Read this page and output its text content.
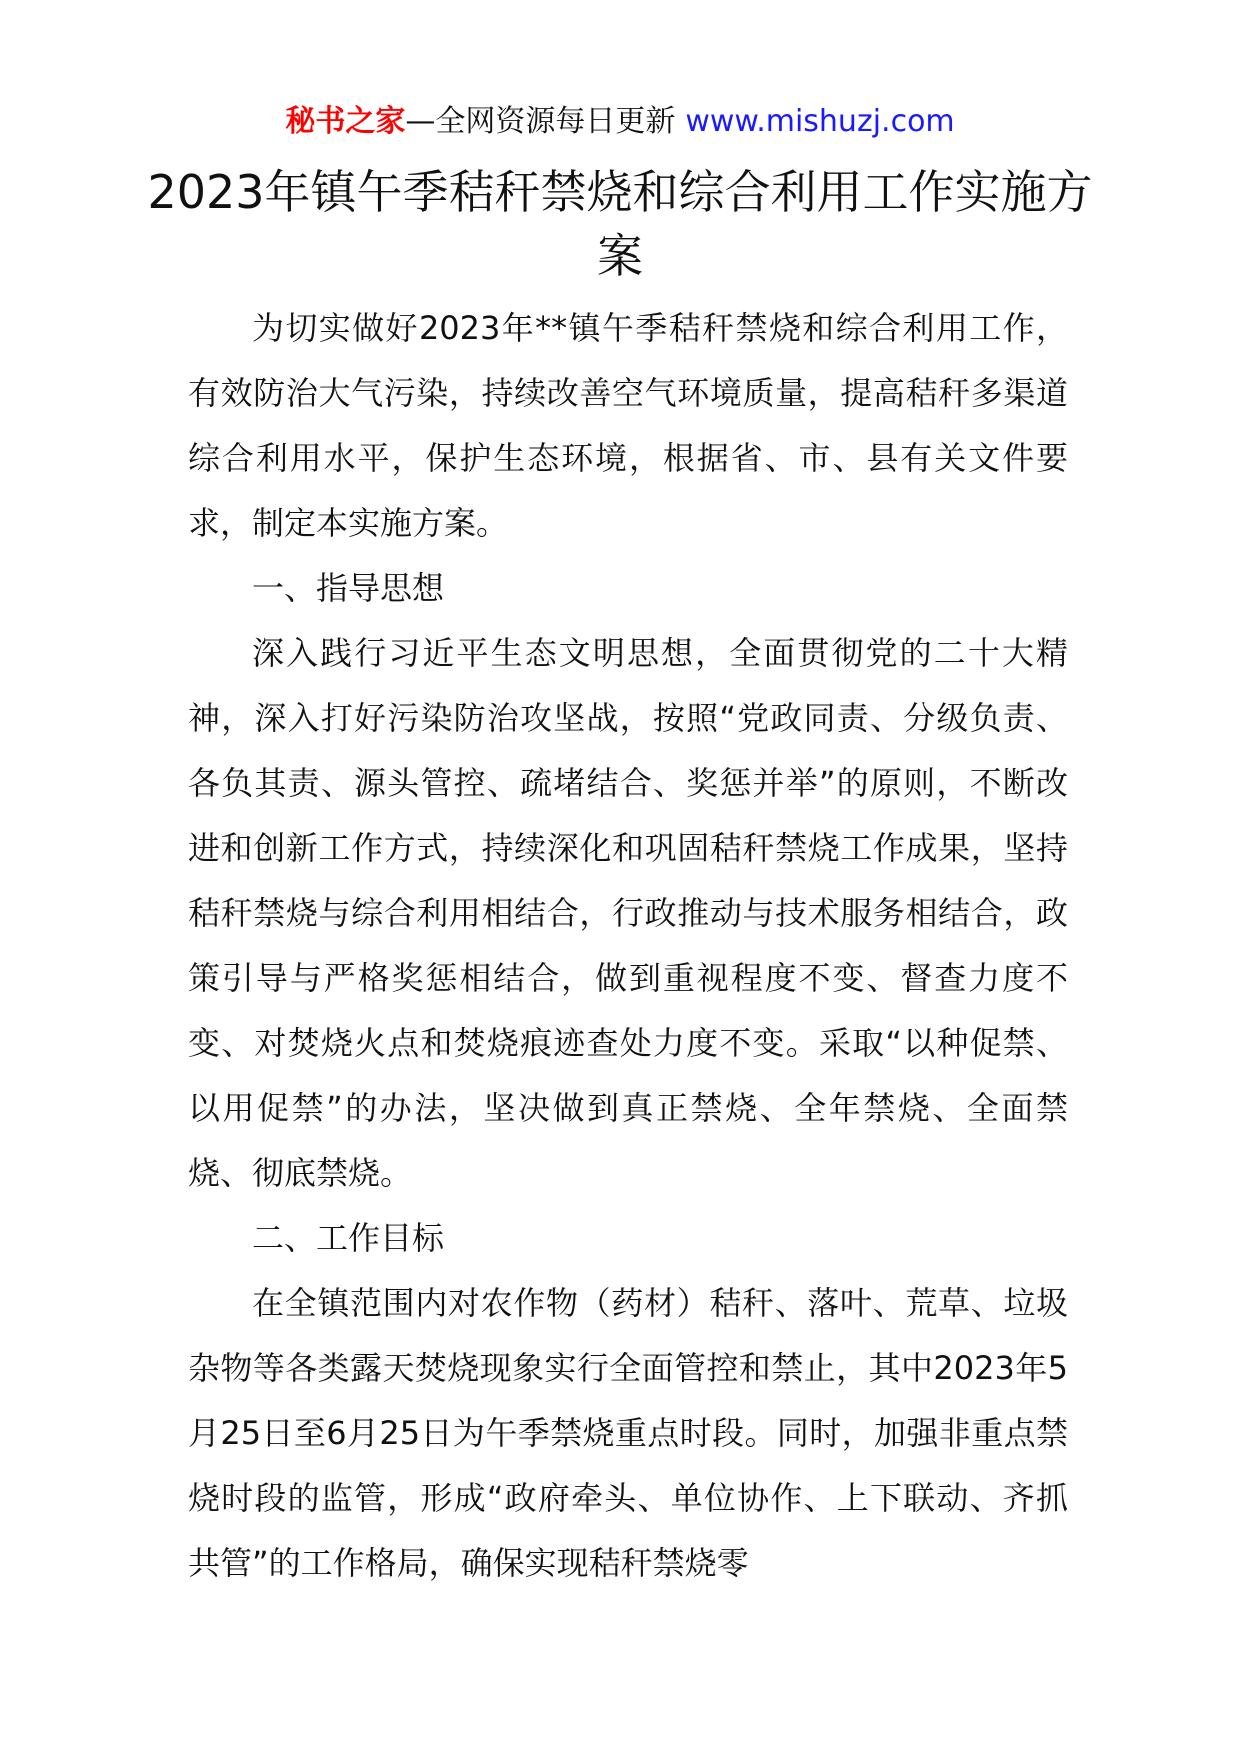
秘书之家—全网资源每日更新 www.mishuzj.com
2023年镇午季秸秆禁烧和综合利用工作实施方案

为切实做好2023年**镇午季秸秆禁烧和综合利用工作，有效防治大气污染，持续改善空气环境质量，提高秸秆多渠道综合利用水平，保护生态环境，根据省、市、县有关文件要求，制定本实施方案。

一、指导思想

深入践行习近平生态文明思想，全面贯彻党的二十大精神，深入打好污染防治攻坚战，按照“党政同责、分级负责、各负其责、源头管控、疏堵结合、奖惩并举”的原则，不断改进和创新工作方式，持续深化和巩固秸秆禁烧工作成果，坚持秸秆禁烧与综合利用相结合，行政推动与技术服务相结合，政策引导与严格奖惩相结合，做到重视程度不变、督查力度不变、对焚烧火点和焚烧痕迹查处力度不变。采取“以种促禁、以用促禁”的办法，坚决做到真正禁烧、全年禁烧、全面禁烧、彻底禁烧。

二、工作目标

在全镇范围内对农作物（药材）秸秆、落叶、荒草、垃圾杂物等各类露天焚烧现象实行全面管控和禁止，其中2023年5月25日至6月25日为午季禁烧重点时段。同时，加强非重点禁烧时段的监管，形成“政府牵头、单位协作、上下联动、齐抓共管”的工作格局，确保实现秸秆禁烧零
